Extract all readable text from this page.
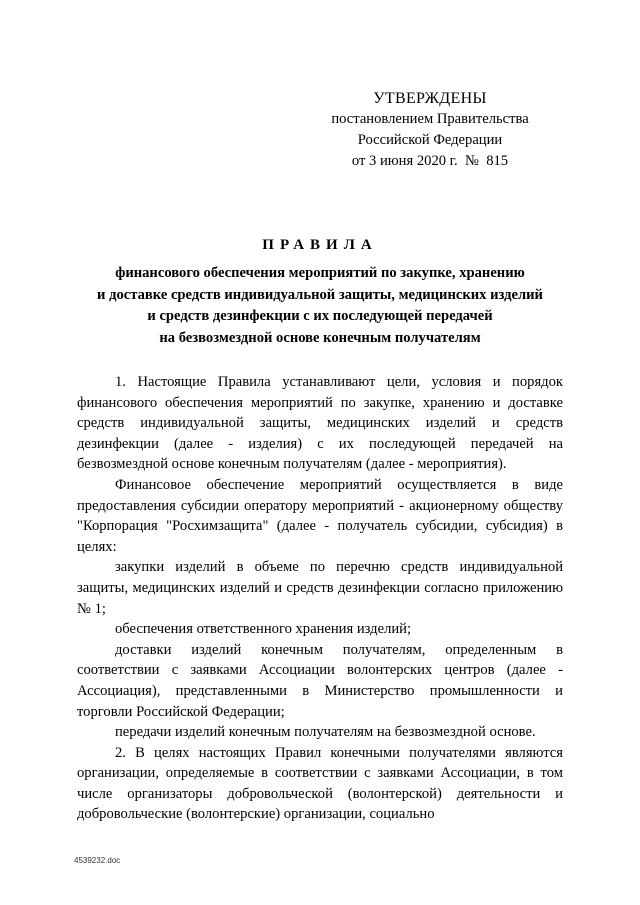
УТВЕРЖДЕНЫ
постановлением Правительства
Российской Федерации
от 3 июня 2020 г.  №  815
ПРАВИЛА
финансового обеспечения мероприятий по закупке, хранению
и доставке средств индивидуальной защиты, медицинских изделий
и средств дезинфекции с их последующей передачей
на безвозмездной основе конечным получателям

1. Настоящие Правила устанавливают цели, условия и порядок финансового обеспечения мероприятий по закупке, хранению и доставке средств индивидуальной защиты, медицинских изделий и средств дезинфекции (далее - изделия) с их последующей передачей на безвозмездной основе конечным получателям (далее - мероприятия).

Финансовое обеспечение мероприятий осуществляется в виде предоставления субсидии оператору мероприятий - акционерному обществу "Корпорация "Росхимзащита" (далее - получатель субсидии, субсидия) в целях:

закупки изделий в объеме по перечню средств индивидуальной защиты, медицинских изделий и средств дезинфекции согласно приложению № 1;

обеспечения ответственного хранения изделий;

доставки изделий конечным получателям, определенным в соответствии с заявками Ассоциации волонтерских центров (далее - Ассоциация), представленными в Министерство промышленности и торговли Российской Федерации;

передачи изделий конечным получателям на безвозмездной основе.

2. В целях настоящих Правил конечными получателями являются организации, определяемые в соответствии с заявками Ассоциации, в том числе организаторы добровольческой (волонтерской) деятельности и добровольческие (волонтерские) организации, социально

4539232.doc
